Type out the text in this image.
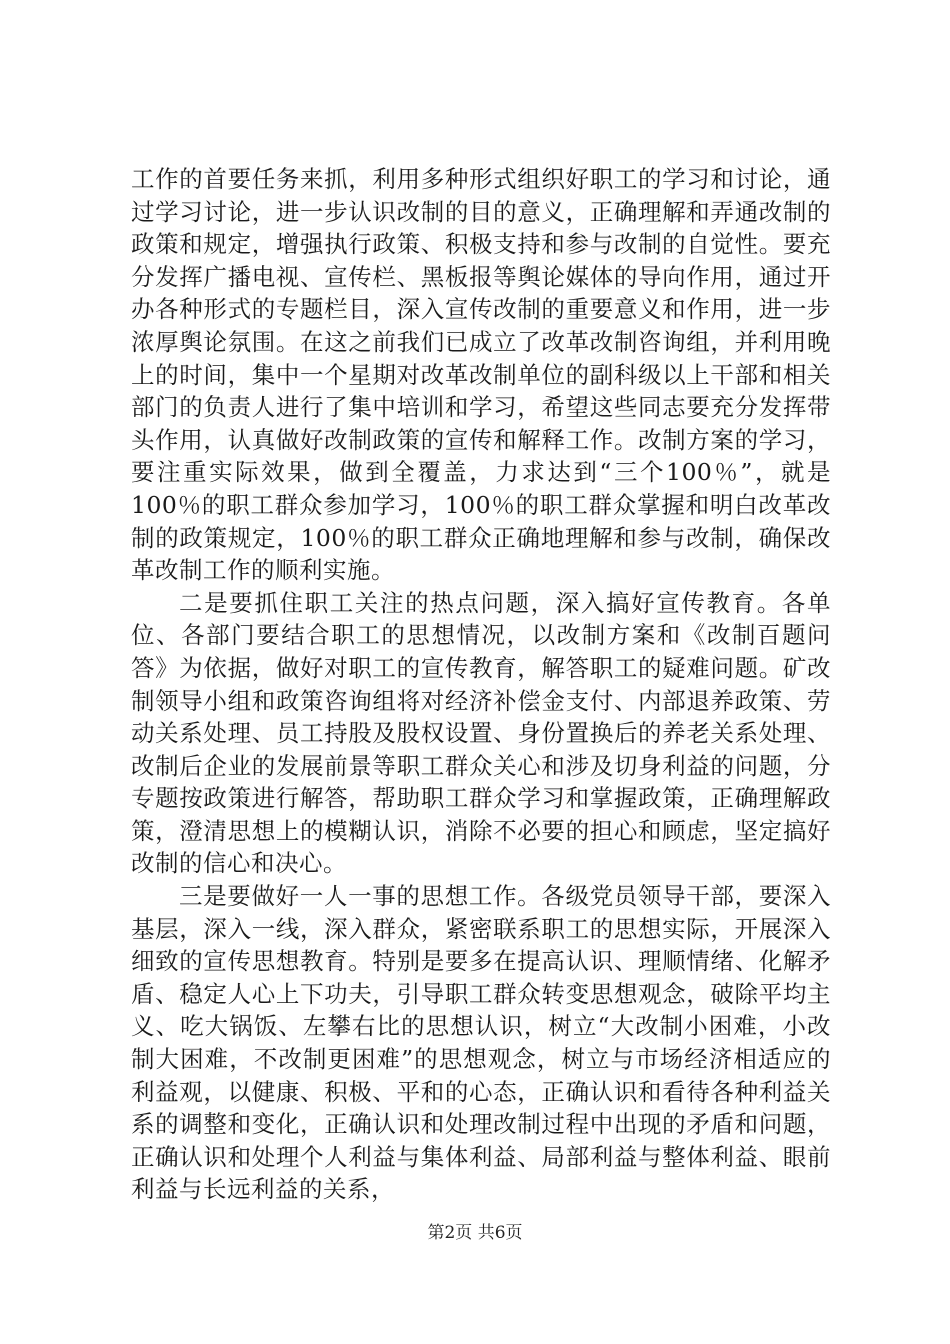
工作的首要任务来抓，利用多种形式组织好职工的学习和讨论，通过学习讨论，进一步认识改制的目的意义，正确理解和弄通改制的政策和规定，增强执行政策、积极支持和参与改制的自觉性。要充分发挥广播电视、宣传栏、黑板报等舆论媒体的导向作用，通过开办各种形式的专题栏目，深入宣传改制的重要意义和作用，进一步浓厚舆论氛围。在这之前我们已成立了改革改制咨询组，并利用晚上的时间，集中一个星期对改革改制单位的副科级以上干部和相关部门的负责人进行了集中培训和学习，希望这些同志要充分发挥带头作用，认真做好改制政策的宣传和解释工作。改制方案的学习，要注重实际效果，做到全覆盖，力求达到“三个100％”，就是100％的职工群众参加学习，100％的职工群众掌握和明白改革改制的政策规定，100％的职工群众正确地理解和参与改制，确保改革改制工作的顺利实施。

二是要抓住职工关注的热点问题，深入搞好宣传教育。各单位、各部门要结合职工的思想情况，以改制方案和《改制百题问答》为依据，做好对职工的宣传教育，解答职工的疑难问题。矿改制领导小组和政策咨询组将对经济补偿金支付、内部退养政策、劳动关系处理、员工持股及股权设置、身份置换后的养老关系处理、改制后企业的发展前景等职工群众关心和涉及切身利益的问题，分专题按政策进行解答，帮助职工群众学习和掌握政策，正确理解政策，澄清思想上的模糊认识，消除不必要的担心和顾虑，坚定搞好改制的信心和决心。

三是要做好一人一事的思想工作。各级党员领导干部，要深入基层，深入一线，深入群众，紧密联系职工的思想实际，开展深入细致的宣传思想教育。特别是要多在提高认识、理顺情绪、化解矛盾、稳定人心上下功夫，引导职工群众转变思想观念，破除平均主义、吃大锅饭、左攀右比的思想认识，树立“大改制小困难，小改制大困难，不改制更困难”的思想观念，树立与市场经济相适应的利益观，以健康、积极、平和的心态，正确认识和看待各种利益关系的调整和变化，正确认识和处理改制过程中出现的矛盾和问题，正确认识和处理个人利益与集体利益、局部利益与整体利益、眼前利益与长远利益的关系，

第2页 共6页
